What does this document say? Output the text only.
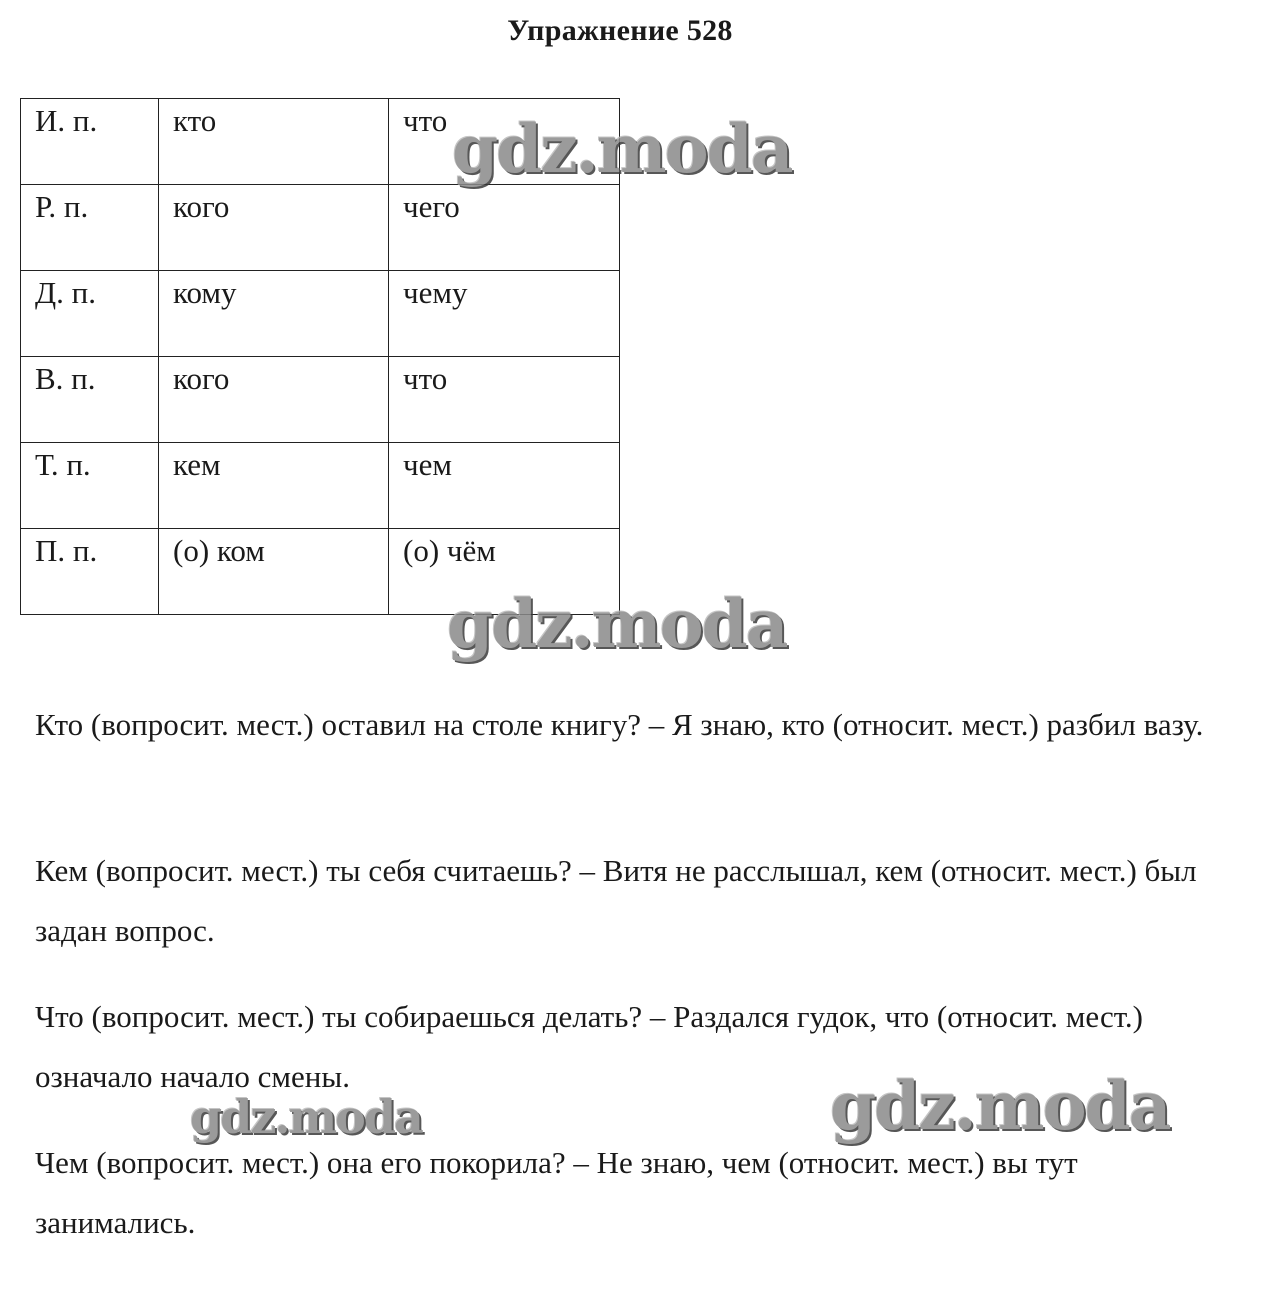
Упражнение 528
И. п.	кто	что
Р. п.	кого	чего
Д. п.	кому	чему
В. п.	кого	что
Т. п.	кем	чем
П. п.	(о) ком	(о) чём

Кто (вопросит. мест.) оставил на столе книгу? – Я знаю, кто (относит. мест.) разбил вазу.

Кем (вопросит. мест.) ты себя считаешь? – Витя не расслышал, кем (относит. мест.) был задан вопрос.

Что (вопросит. мест.) ты собираешься делать? – Раздался гудок, что (относит. мест.) означало начало смены.

Чем (вопросит. мест.) она его покорила? – Не знаю, чем (относит. мест.) вы тут занимались.

gdz.moda
gdz.moda
gdz.moda
gdz.moda
